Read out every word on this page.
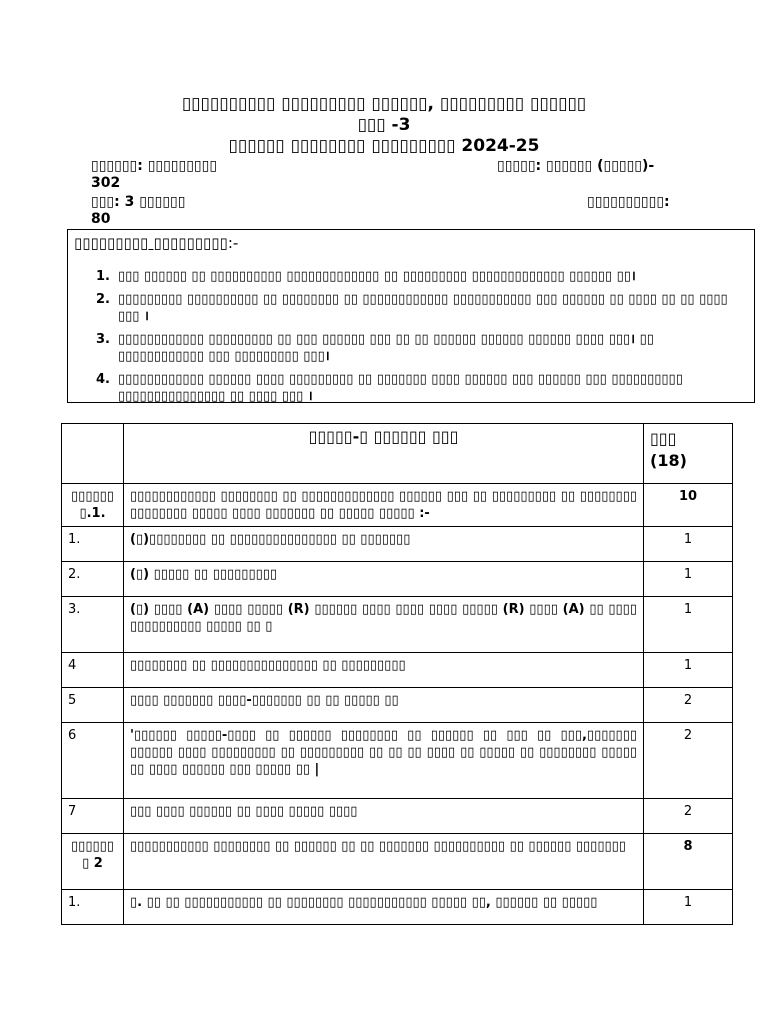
▯▯▯▯▯▯▯▯▯▯ ▯▯▯▯▯▯▯▯▯ ▯▯▯▯▯▯, ▯▯▯▯▯▯▯▯▯ ▯▯▯▯▯▯
▯▯▯ -3
▯▯▯▯▯▯ ▯▯▯▯▯▯▯▯ ▯▯▯▯▯▯▯▯▯ 2024-25
▯▯▯▯▯▯: ▯▯▯▯▯▯▯▯▯	▯▯▯▯▯: ▯▯▯▯▯▯ (▯▯▯▯▯)-
302
▯▯▯: 3 ▯▯▯▯▯▯	▯▯▯▯▯▯▯▯▯▯:
80
▯▯▯▯▯▯▯▯▯ ▯▯▯▯▯▯▯▯▯:-
1. ▯▯▯ ▯▯▯▯▯▯ ▯▯ ▯▯▯▯▯▯▯▯▯▯ ▯▯▯▯▯▯▯▯▯▯▯▯▯ ▯▯ ▯▯▯▯▯▯▯▯▯ ▯▯▯▯▯▯▯▯▯▯▯▯▯ ▯▯▯▯▯▯ ▯▯।
2. ▯▯▯▯▯▯▯▯▯ ▯▯▯▯▯▯▯▯▯▯ ▯▯ ▯▯▯▯▯▯▯▯ ▯▯ ▯▯▯▯▯▯▯▯▯▯▯▯ ▯▯▯▯▯▯▯▯▯▯▯ ▯▯▯ ▯▯▯▯▯▯ ▯▯ ▯▯▯▯ ▯▯ ▯▯ ▯▯▯▯ ▯▯▯ ।
3. ▯▯▯▯▯▯▯▯▯▯▯▯ ▯▯▯▯▯▯▯▯▯ ▯▯ ▯▯▯ ▯▯▯▯▯▯ ▯▯▯ ▯▯ ▯▯ ▯▯▯▯▯▯ ▯▯▯▯▯▯ ▯▯▯▯▯▯ ▯▯▯▯ ▯▯▯। ▯▯ ▯▯▯▯▯▯▯▯▯▯▯▯ ▯▯▯ ▯▯▯▯▯▯▯▯▯ ▯▯▯।
4. ▯▯▯▯▯▯▯▯▯▯▯▯ ▯▯▯▯▯▯ ▯▯▯▯ ▯▯▯▯▯▯▯▯▯ ▯▯ ▯▯▯▯▯▯▯ ▯▯▯▯ ▯▯▯▯▯▯ ▯▯▯ ▯▯▯▯▯▯ ▯▯▯ ▯▯▯▯▯▯▯▯▯▯ ▯▯▯▯▯▯▯▯▯▯▯▯▯▯▯ ▯▯ ▯▯▯▯ ▯▯▯ ।
	▯▯▯▯▯-▯ ▯▯▯▯▯▯ ▯▯▯	▯▯▯
(18)
▯▯▯▯▯▯ ▯.1.	▯▯▯▯▯▯▯▯▯▯▯▯ ▯▯▯▯▯▯▯▯ ▯▯ ▯▯▯▯▯▯▯▯▯▯▯▯▯ ▯▯▯▯▯▯ ▯▯▯ ▯▯ ▯▯▯▯▯▯▯▯▯ ▯▯ ▯▯▯▯▯▯▯▯ ▯▯▯▯▯▯▯▯ ▯▯▯▯▯ ▯▯▯▯ ▯▯▯▯▯▯▯ ▯▯ ▯▯▯▯▯ ▯▯▯▯▯ :-	10
1.	(▯)▯▯▯▯▯▯▯▯ ▯▯ ▯▯▯▯▯▯▯▯▯▯▯▯▯▯▯ ▯▯ ▯▯▯▯▯▯▯	1
2.	(▯) ▯▯▯▯▯ ▯▯ ▯▯▯▯▯▯▯▯▯	1
3.	(▯) ▯▯▯▯ (A) ▯▯▯▯ ▯▯▯▯▯ (R) ▯▯▯▯▯▯ ▯▯▯▯ ▯▯▯▯ ▯▯▯▯ ▯▯▯▯▯ (R) ▯▯▯▯ (A) ▯▯ ▯▯▯▯ ▯▯▯▯▯▯▯▯▯▯ ▯▯▯▯▯ ▯▯ ▯	1
4	▯▯▯▯▯▯▯▯ ▯▯ ▯▯▯▯▯▯▯▯▯▯▯▯▯▯▯ ▯▯ ▯▯▯▯▯▯▯▯▯	1
5	▯▯▯▯ ▯▯▯▯▯▯▯ ▯▯▯▯-▯▯▯▯▯▯▯ ▯▯ ▯▯ ▯▯▯▯▯ ▯▯	2
6	'▯▯▯▯▯▯ ▯▯▯▯▯-▯▯▯▯ ▯▯ ▯▯▯▯▯▯ ▯▯▯▯▯▯▯▯ ▯▯ ▯▯▯▯▯▯ ▯▯ ▯▯▯ ▯▯ ▯▯▯,▯▯▯▯▯▯▯ ▯▯▯▯▯▯ ▯▯▯▯ ▯▯▯▯▯▯▯▯▯ ▯▯ ▯▯▯▯▯▯▯▯▯ ▯▯ ▯▯ ▯▯ ▯▯▯▯ ▯▯ ▯▯▯▯▯ ▯▯ ▯▯▯▯▯▯▯▯ ▯▯▯▯▯ ▯▯ ▯▯▯▯ ▯▯▯▯▯▯ ▯▯▯ ▯▯▯▯▯ ▯▯ |	2
7	▯▯▯ ▯▯▯▯ ▯▯▯▯▯▯ ▯▯ ▯▯▯▯ ▯▯▯▯▯ ▯▯▯▯	2
▯▯▯▯▯▯ ▯ 2	▯▯▯▯▯▯▯▯▯▯▯ ▯▯▯▯▯▯▯▯ ▯▯ ▯▯▯▯▯▯ ▯▯ ▯▯ ▯▯▯▯▯▯▯ ▯▯▯▯▯▯▯▯▯▯ ▯▯ ▯▯▯▯▯▯ ▯▯▯▯▯▯▯	8
1.	▯. ▯▯ ▯▯ ▯▯▯▯▯▯▯▯▯▯▯ ▯▯ ▯▯▯▯▯▯▯▯ ▯▯▯▯▯▯▯▯▯▯▯ ▯▯▯▯▯ ▯▯, ▯▯▯▯▯▯ ▯▯ ▯▯▯▯▯	1
